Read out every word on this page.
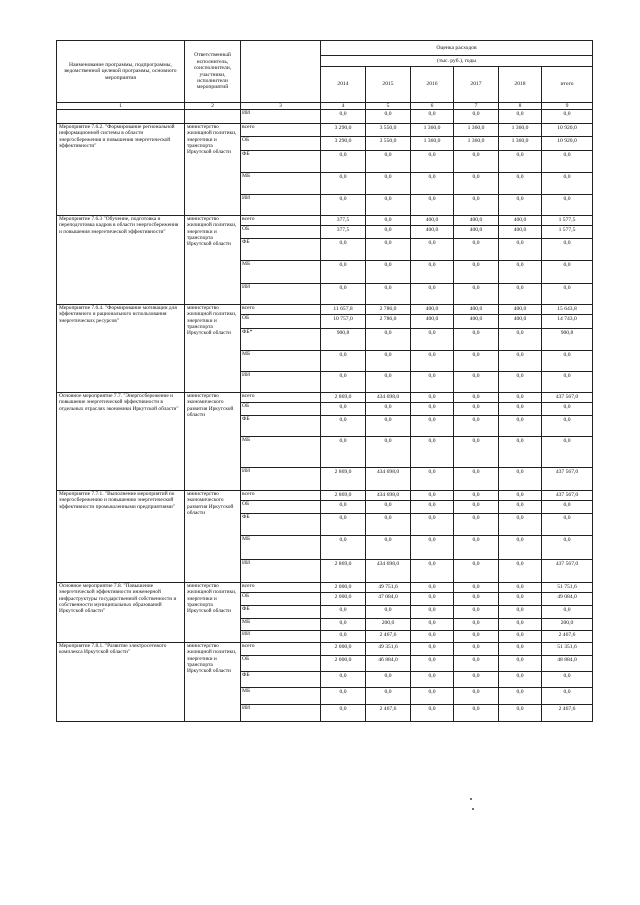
Наименование программы, подпрограммы, ведомственной целевой программы, основного мероприятия	Ответственный исполнитель, соисполнители, участники, исполнители мероприятий		Оценка расходов					
			(тыс. руб.), годы					
			2014	2015	2016	2017	2018	итого
1	2	3	4	5	6	7	8	9
		ИИ	0,0	0,0	0,0	0,0	0,0	0,0
Мероприятие 7.6.2. "Формирование региональной информационной системы в области энергосбережения и повышения энергетической эффективности"	министерство жилищной политики, энергетики и транспорта Иркутской области	всего	3 290,0	3 550,0	1 360,0	1 360,0	1 360,0	10 920,0
		ОБ	3 290,0	3 550,0	1 360,0	1 360,0	1 360,0	10 920,0
		ФБ	0,0	0,0	0,0	0,0	0,0	0,0
		МБ	0,0	0,0	0,0	0,0	0,0	0,0
		ИИ	0,0	0,0	0,0	0,0	0,0	0,0
Мероприятие 7.6.3 "Обучение, подготовка и переподготовка кадров в области энергосбережения и повышения энергетической эффективности"	министерство жилищной политики, энергетики и транспорта Иркутской области	всего	377,5	0,0	400,0	400,0	400,0	1 577,5
		ОБ	377,5	0,0	400,0	400,0	400,0	1 577,5
		ФБ	0,0	0,0	0,0	0,0	0,0	0,0
		МБ	0,0	0,0	0,0	0,0	0,0	0,0
		ИИ	0,0	0,0	0,0	0,0	0,0	0,0
Мероприятие 7.6.4. "Формирование мотивации для эффективного и рационального использования энергетических ресурсов"	министерство жилищной политики, энергетики и транспорта Иркутской области	всего	11 657,8	2 786,0	400,0	400,0	400,0	15 643,8
		ОБ	10 757,0	2 786,0	400,0	400,0	400,0	14 743,0
		ФБ*	900,8	0,0	0,0	0,0	0,0	900,8
		МБ	0,0	0,0	0,0	0,0	0,0	0,0
		ИИ	0,0	0,0	0,0	0,0	0,0	0,0
Основное мероприятие 7.7. "Энергосбережение и повышение энергетической эффективности в отдельных отраслях экономики Иркутской области"	министерство экономического развития Иркутской области	всего	2 869,0	434 698,0	0,0	0,0	0,0	437 567,0
		ОБ	0,0	0,0	0,0	0,0	0,0	0,0
		ФБ	0,0	0,0	0,0	0,0	0,0	0,0
		МБ	0,0	0,0	0,0	0,0	0,0	0,0
		ИИ	2 869,0	434 698,0	0,0	0,0	0,0	437 567,0
Мероприятие 7.7.1. "Выполнение мероприятий по энергосбережению и повышению энергетической эффективности промышленными предприятиями"	министерство экономического развития Иркутской области	всего	2 869,0	434 698,0	0,0	0,0	0,0	437 567,0
		ОБ	0,0	0,0	0,0	0,0	0,0	0,0
		ФБ	0,0	0,0	0,0	0,0	0,0	0,0
		МБ	0,0	0,0	0,0	0,0	0,0	0,0
		ИИ	2 869,0	434 698,0	0,0	0,0	0,0	437 567,0
Основное мероприятие 7.8. "Повышение энергетической эффективности инженерной инфраструктуры государственной собственности и собственности муниципальных образований Иркутской области"	министерство жилищной политики, энергетики и транспорта Иркутской области	всего	2 000,0	49 751,6	0,0	0,0	0,0	51 751,6
		ОБ	2 000,0	47 084,0	0,0	0,0	0,0	49 084,0
		ФБ	0,0	0,0	0,0	0,0	0,0	0,0
		МБ	0,0	200,0	0,0	0,0	0,0	200,0
		ИИ	0,0	2 467,6	0,0	0,0	0,0	2 467,6
Мероприятие 7.8.1. "Развитие электросетевого комплекса Иркутской области"	министерство жилищной политики, энергетики и транспорта Иркутской области	всего	2 000,0	49 351,6	0,0	0,0	0,0	51 351,6
		ОБ	2 000,0	46 884,0	0,0	0,0	0,0	48 884,0
		ФБ	0,0	0,0	0,0	0,0	0,0	0,0
		МБ	0,0	0,0	0,0	0,0	0,0	0,0
		ИИ	0,0	2 467,6	0,0	0,0	0,0	2 467,6
